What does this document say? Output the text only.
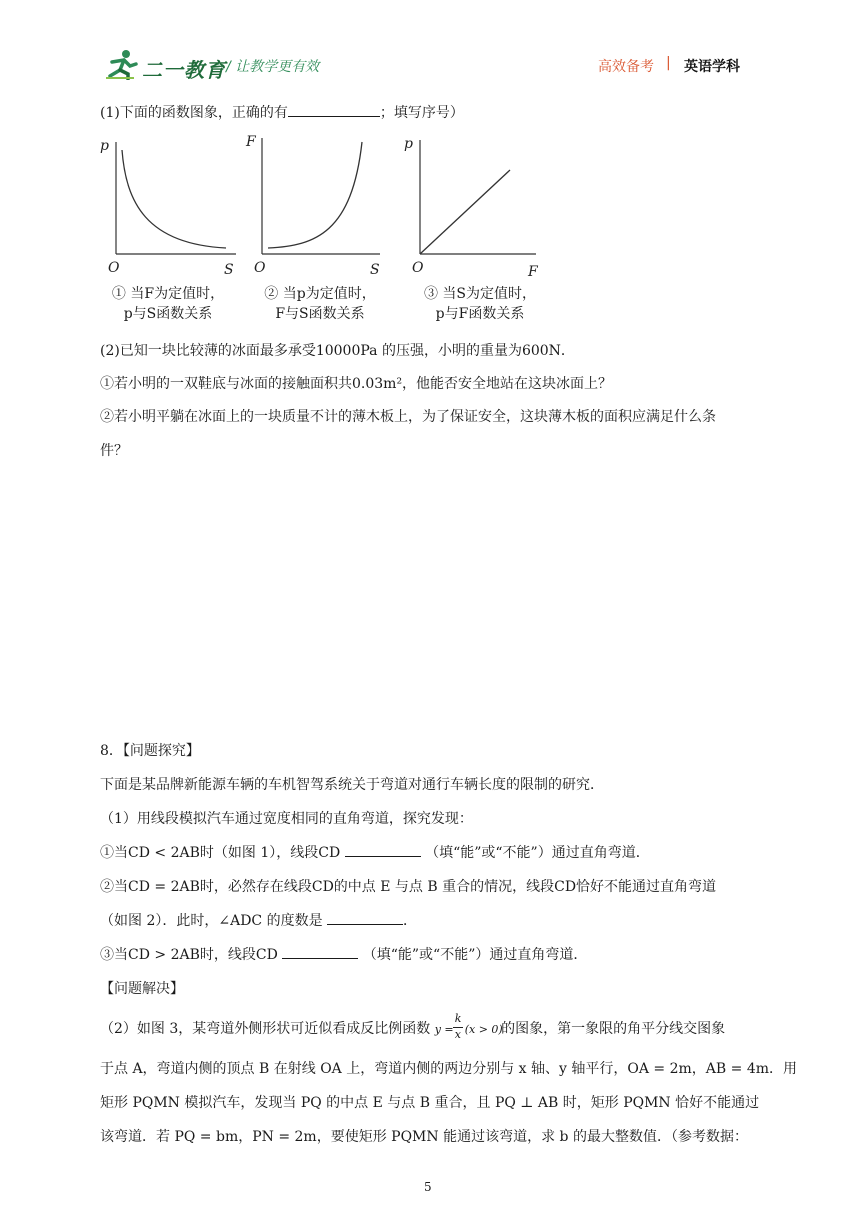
二一教育 / 让教学更有效	高效备考 | 英语学科
(1)下面的函数图象，正确的有	；填写序号）
p
O	S
F
O	S
p
O	F
① 当F为定值时，
p与S函数关系
② 当p为定值时，
F与S函数关系
③ 当S为定值时，
p与F函数关系
(2)已知一块比较薄的冰面最多承受10000Pa 的压强，小明的重量为600N．
①若小明的一双鞋底与冰面的接触面积共0.03m²，他能否安全地站在这块冰面上？
②若小明平躺在冰面上的一块质量不计的薄木板上，为了保证安全，这块薄木板的面积应满足什么条
件？
8．【问题探究】
下面是某品牌新能源车辆的车机智驾系统关于弯道对通行车辆长度的限制的研究．
（1）用线段模拟汽车通过宽度相同的直角弯道，探究发现：
①当CD < 2AB时（如图 1），线段CD	（填“能”或“不能”）通过直角弯道．
②当CD = 2AB时，必然存在线段CD的中点 E 与点 B 重合的情况，线段CD恰好不能通过直角弯道
（如图 2）．此时，∠ADC 的度数是	．
③当CD > 2AB时，线段CD	（填“能”或“不能”）通过直角弯道．
【问题解决】
（2）如图 3，某弯道外侧形状可近似看成反比例函数 y =
k
x (x > 0)
的图象，第一象限的角平分线交图象
于点 A，弯道内侧的顶点 B 在射线 OA 上，弯道内侧的两边分别与 x 轴、y 轴平行，OA = 2m，AB = 4m．用
矩形 PQMN 模拟汽车，发现当 PQ 的中点 E 与点 B 重合，且 PQ ⊥ AB 时，矩形 PQMN 恰好不能通过
该弯道．若 PQ = bm，PN = 2m，要使矩形 PQMN 能通过该弯道，求 b 的最大整数值．（参考数据：
5
